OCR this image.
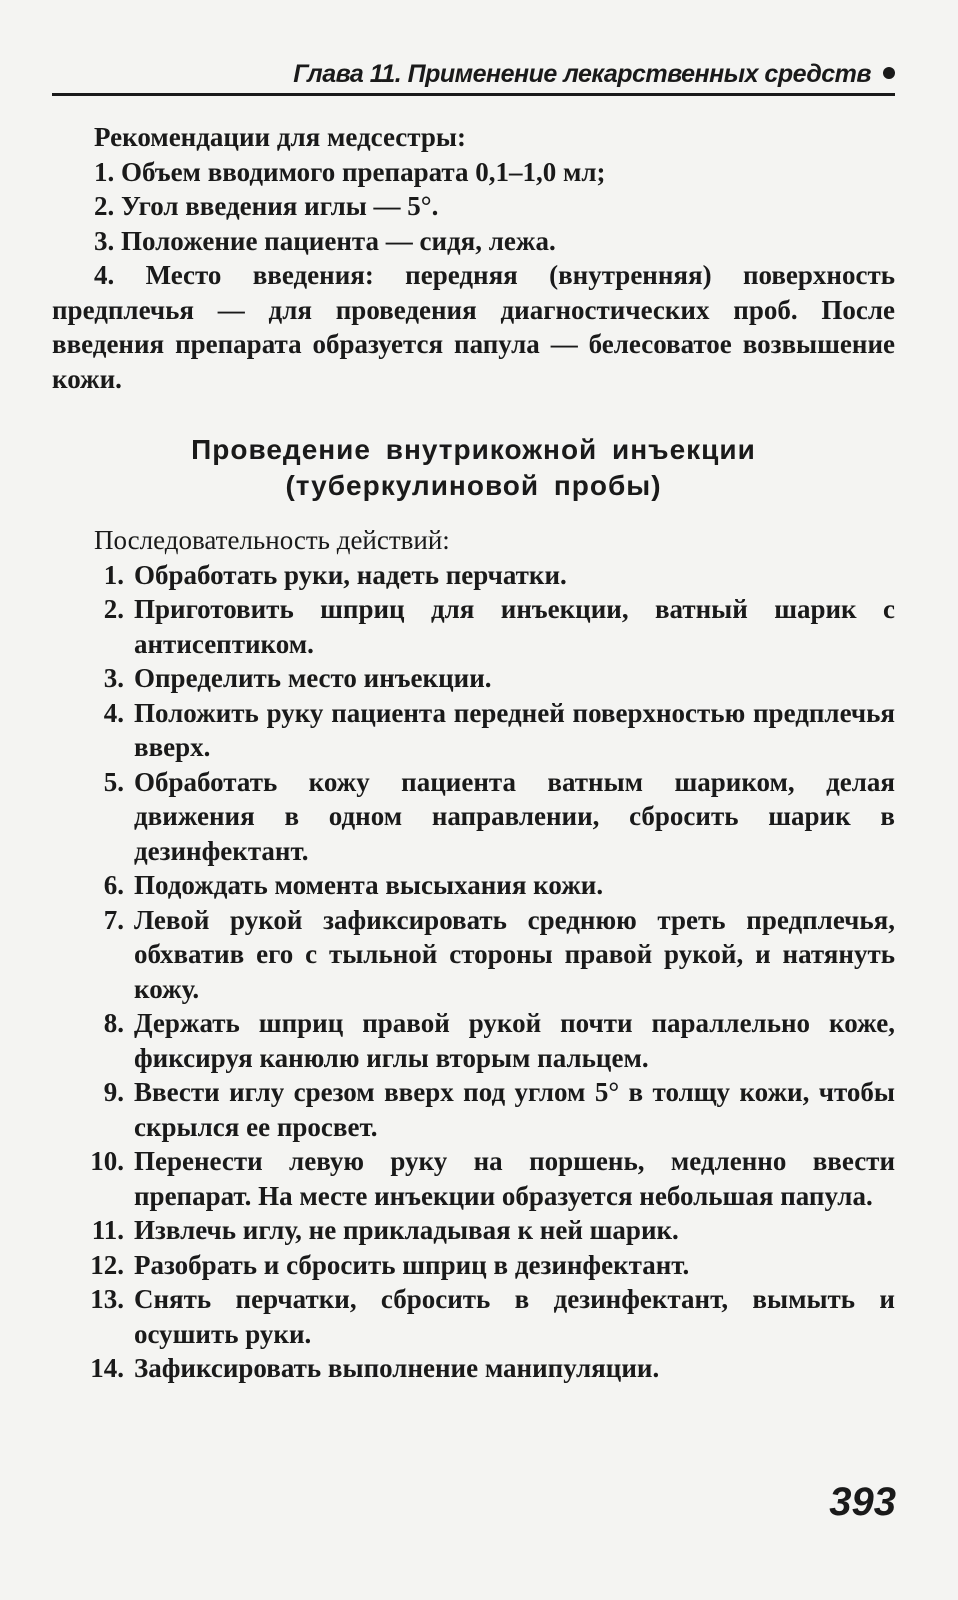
Глава 11. Применение лекарственных средств
Рекомендации для медсестры:
1. Объем вводимого препарата 0,1–1,0 мл;
2. Угол введения иглы — 5°.
3. Положение пациента — сидя, лежа.
4. Место введения: передняя (внутренняя) поверхность предплечья — для проведения диагностических проб. После введения препарата образуется папула — белесоватое возвышение кожи.
Проведение внутрикожной инъекции
(туберкулиновой пробы)
Последовательность действий:
1. Обработать руки, надеть перчатки.
2. Приготовить шприц для инъекции, ватный шарик с антисептиком.
3. Определить место инъекции.
4. Положить руку пациента передней поверхностью предплечья вверх.
5. Обработать кожу пациента ватным шариком, делая движения в одном направлении, сбросить шарик в дезинфектант.
6. Подождать момента высыхания кожи.
7. Левой рукой зафиксировать среднюю треть предплечья, обхватив его с тыльной стороны правой рукой, и натянуть кожу.
8. Держать шприц правой рукой почти параллельно коже, фиксируя канюлю иглы вторым пальцем.
9. Ввести иглу срезом вверх под углом 5° в толщу кожи, чтобы скрылся ее просвет.
10. Перенести левую руку на поршень, медленно ввести препарат. На месте инъекции образуется небольшая папула.
11. Извлечь иглу, не прикладывая к ней шарик.
12. Разобрать и сбросить шприц в дезинфектант.
13. Снять перчатки, сбросить в дезинфектант, вымыть и осушить руки.
14. Зафиксировать выполнение манипуляции.
393
